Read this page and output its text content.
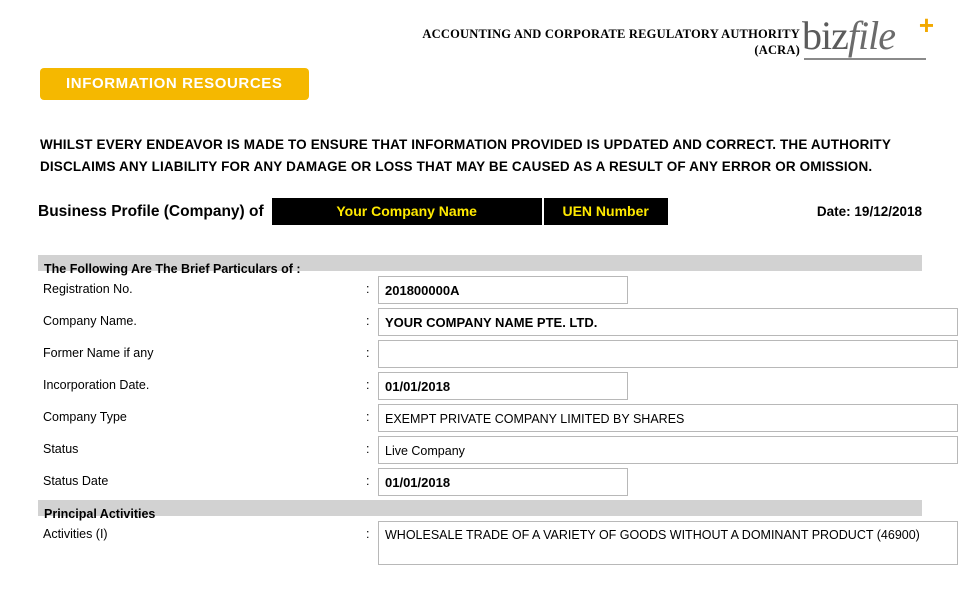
ACCOUNTING AND CORPORATE REGULATORY AUTHORITY
(ACRA) bizfile +
INFORMATION RESOURCES
WHILST EVERY ENDEAVOR IS MADE TO ENSURE THAT INFORMATION PROVIDED IS UPDATED AND CORRECT. THE AUTHORITY DISCLAIMS ANY LIABILITY FOR ANY DAMAGE OR LOSS THAT MAY BE CAUSED AS A RESULT OF ANY ERROR OR OMISSION.
Business Profile (Company) of	Your Company Name	UEN Number	Date: 19/12/2018
The Following Are The Brief Particulars of :
Registration No.	:	201800000A
Company Name.	:	YOUR COMPANY NAME PTE. LTD.
Former Name if any	:
Incorporation Date.	:	01/01/2018
Company Type	:	EXEMPT PRIVATE COMPANY LIMITED BY SHARES
Status	:	Live Company
Status Date	:	01/01/2018
Principal Activities
Activities (I)	:	WHOLESALE TRADE OF A VARIETY OF GOODS WITHOUT A DOMINANT PRODUCT (46900)
